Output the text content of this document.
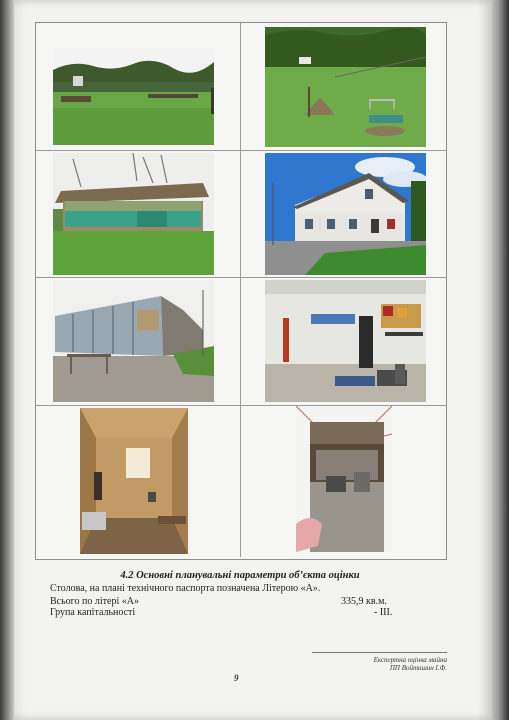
4.2 Основні планувальні параметри об’єкта оцінки
Столова, на плані технічного паспорта позначена Літерою «А».
Всього по літері «А»	335,9 кв.м.
Група капітальності	- ІІІ.
Експертна оцінка майна
ПП Войтишин І.Ф.
9
